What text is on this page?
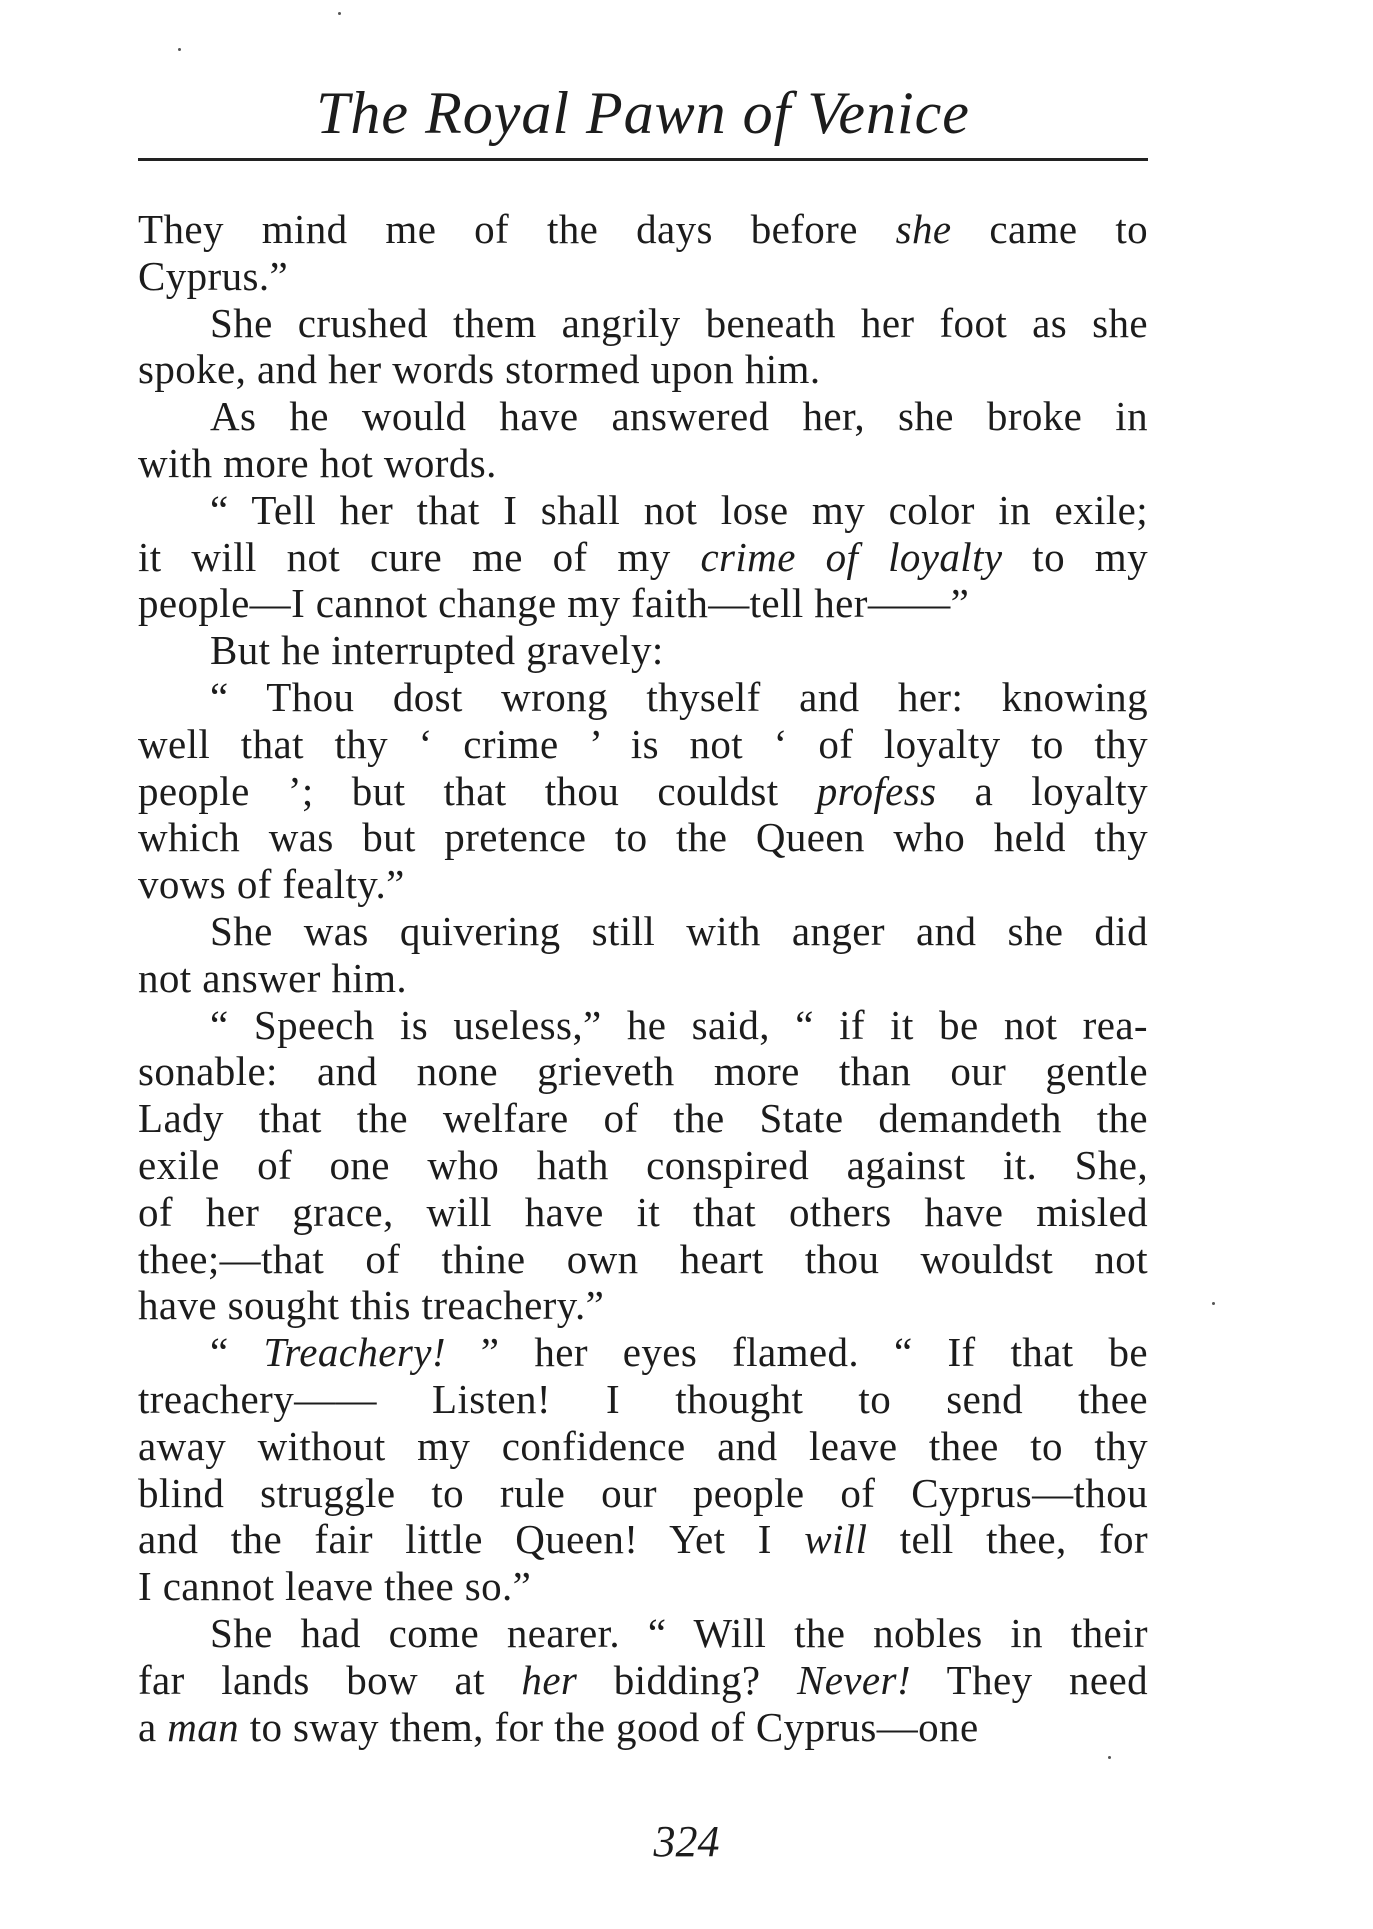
The Royal Pawn of Venice
They mind me of the days before she came to
Cyprus.”
She crushed them angrily beneath her foot as she
spoke, and her words stormed upon him.
As he would have answered her, she broke in
with more hot words.
“ Tell her that I shall not lose my color in exile;
it will not cure me of my crime of loyalty to my
people—I cannot change my faith—tell her——”
But he interrupted gravely:
“ Thou dost wrong thyself and her: knowing
well that thy ‘ crime ’ is not ‘ of loyalty to thy
people ’; but that thou couldst profess a loyalty
which was but pretence to the Queen who held thy
vows of fealty.”
She was quivering still with anger and she did
not answer him.
“ Speech is useless,” he said, “ if it be not rea-
sonable: and none grieveth more than our gentle
Lady that the welfare of the State demandeth the
exile of one who hath conspired against it. She,
of her grace, will have it that others have misled
thee;—that of thine own heart thou wouldst not
have sought this treachery.”
“ Treachery! ” her eyes flamed. “ If that be
treachery—— Listen! I thought to send thee
away without my confidence and leave thee to thy
blind struggle to rule our people of Cyprus—thou
and the fair little Queen! Yet I will tell thee, for
I cannot leave thee so.”
She had come nearer. “ Will the nobles in their
far lands bow at her bidding? Never! They need
a man to sway them, for the good of Cyprus—one
324
